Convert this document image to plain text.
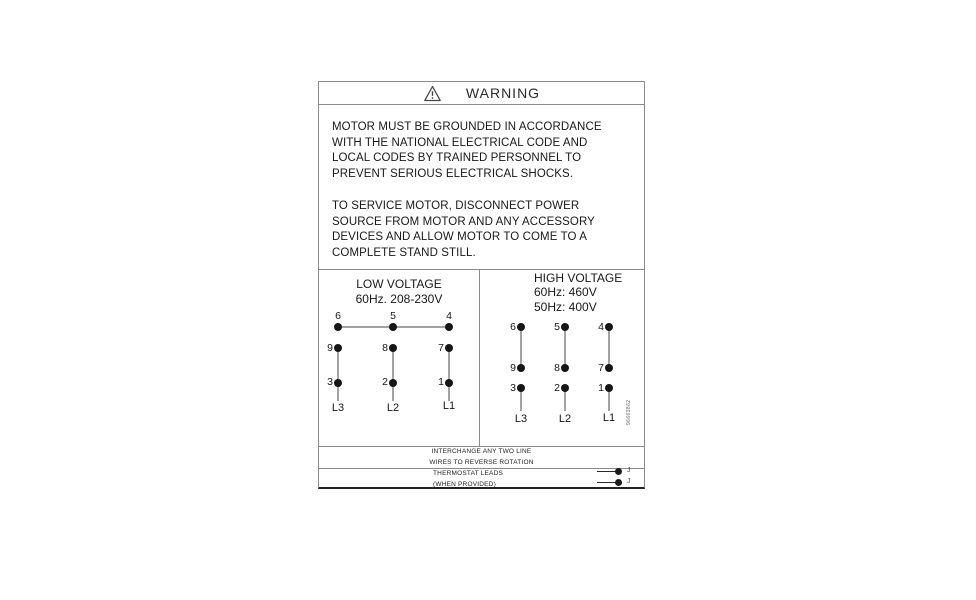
WARNING
MOTOR MUST BE GROUNDED IN ACCORDANCE
WITH THE NATIONAL ELECTRICAL CODE AND
LOCAL CODES BY TRAINED PERSONNEL TO
PREVENT SERIOUS ELECTRICAL SHOCKS.
TO SERVICE MOTOR, DISCONNECT POWER
SOURCE FROM MOTOR AND ANY ACCESSORY
DEVICES AND ALLOW MOTOR TO COME TO A
COMPLETE STAND STILL.
LOW VOLTAGE
60Hz. 208-230V
6	5	4
9	8	7
3	2	1
L3	L2	L1
HIGH VOLTAGE
60Hz: 460V
50Hz: 400V
6	5	4
9	8	7
3	2	1
L3	L2	L1	96663862
INTERCHANGE ANY TWO LINE
WIRES TO REVERSE ROTATION
THERMOSTAT LEADS
(WHEN PROVIDED)
J
J
